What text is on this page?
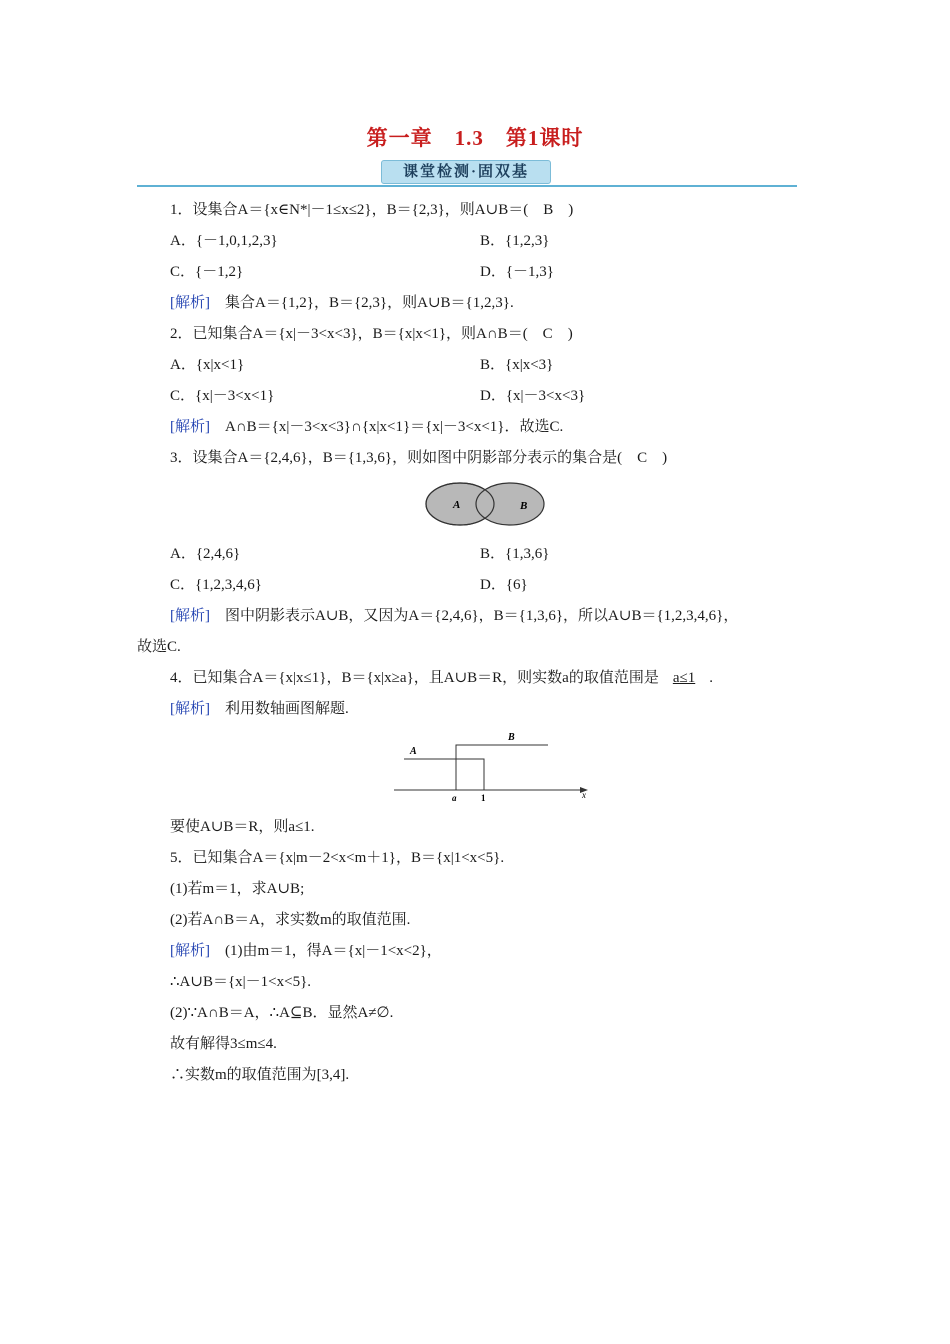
第一章　1.3　第1课时
课堂检测·固双基
1．设集合A＝{x∈N*|－1≤x≤2}，B＝{2,3}，则A∪B＝(　B　)
A．{－1,0,1,2,3}	B．{1,2,3}
C．{－1,2}	D．{－1,3}
[解析]　集合A＝{1,2}，B＝{2,3}，则A∪B＝{1,2,3}.
2．已知集合A＝{x|－3<x<3}，B＝{x|x<1}，则A∩B＝(　C　)
A．{x|x<1}	B．{x|x<3}
C．{x|－3<x<1}	D．{x|－3<x<3}
[解析]　A∩B＝{x|－3<x<3}∩{x|x<1}＝{x|－3<x<1}．故选C.
3．设集合A＝{2,4,6}，B＝{1,3,6}，则如图中阴影部分表示的集合是(　C　)
A	B
A．{2,4,6}	B．{1,3,6}
C．{1,2,3,4,6}	D．{6}
[解析]　图中阴影表示A∪B，又因为A＝{2,4,6}，B＝{1,3,6}，所以A∪B＝{1,2,3,4,6}，
故选C.
4．已知集合A＝{x|x≤1}，B＝{x|x≥a}，且A∪B＝R，则实数a的取值范围是 a≤1 .
[解析]　利用数轴画图解题.
A
B
a	1	x
要使A∪B＝R，则a≤1.
5．已知集合A＝{x|m－2<x<m＋1}，B＝{x|1<x<5}.
(1)若m＝1，求A∪B;
(2)若A∩B＝A，求实数m的取值范围.
[解析]　(1)由m＝1，得A＝{x|－1<x<2}，
∴A∪B＝{x|－1<x<5}.
(2)∵A∩B＝A，∴A⊆B．显然A≠∅.
故有解得3≤m≤4.
∴实数m的取值范围为[3,4].
